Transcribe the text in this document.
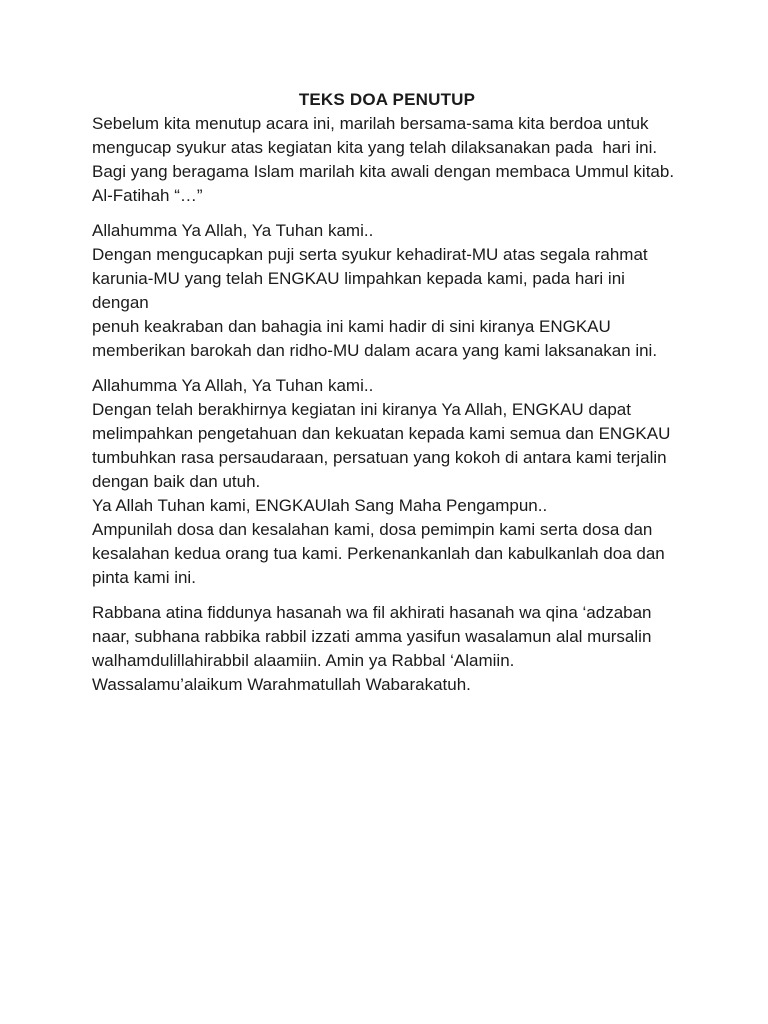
TEKS DOA PENUTUP

Sebelum kita menutup acara ini, marilah bersama-sama kita berdoa untuk
mengucap syukur atas kegiatan kita yang telah dilaksanakan pada  hari ini.
Bagi yang beragama Islam marilah kita awali dengan membaca Ummul kitab.
Al-Fatihah “…”

Allahumma Ya Allah, Ya Tuhan kami..
Dengan mengucapkan puji serta syukur kehadirat-MU atas segala rahmat
karunia-MU yang telah ENGKAU limpahkan kepada kami, pada hari ini dengan
penuh keakraban dan bahagia ini kami hadir di sini kiranya ENGKAU
memberikan barokah dan ridho-MU dalam acara yang kami laksanakan ini.

Allahumma Ya Allah, Ya Tuhan kami..
Dengan telah berakhirnya kegiatan ini kiranya Ya Allah, ENGKAU dapat
melimpahkan pengetahuan dan kekuatan kepada kami semua dan ENGKAU
tumbuhkan rasa persaudaraan, persatuan yang kokoh di antara kami terjalin
dengan baik dan utuh.
Ya Allah Tuhan kami, ENGKAUlah Sang Maha Pengampun..
Ampunilah dosa dan kesalahan kami, dosa pemimpin kami serta dosa dan
kesalahan kedua orang tua kami. Perkenankanlah dan kabulkanlah doa dan
pinta kami ini.

Rabbana atina fiddunya hasanah wa fil akhirati hasanah wa qina ‘adzaban
naar, subhana rabbika rabbil izzati amma yasifun wasalamun alal mursalin
walhamdulillahirabbil alaamiin. Amin ya Rabbal ‘Alamiin.
Wassalamu’alaikum Warahmatullah Wabarakatuh.
